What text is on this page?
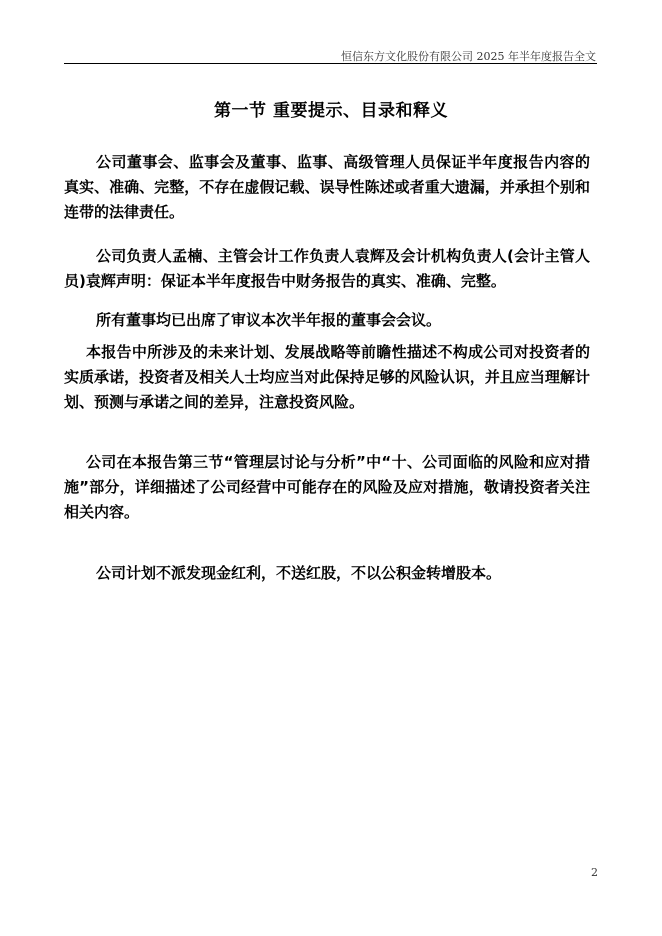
恒信东方文化股份有限公司 2025 年半年度报告全文
第一节 重要提示、目录和释义

公司董事会、监事会及董事、监事、高级管理人员保证半年度报告内容的真实、准确、完整，不存在虚假记载、误导性陈述或者重大遗漏，并承担个别和连带的法律责任。

公司负责人孟楠、主管会计工作负责人袁辉及会计机构负责人(会计主管人员)袁辉声明：保证本半年度报告中财务报告的真实、准确、完整。

所有董事均已出席了审议本次半年报的董事会会议。

本报告中所涉及的未来计划、发展战略等前瞻性描述不构成公司对投资者的实质承诺，投资者及相关人士均应当对此保持足够的风险认识，并且应当理解计划、预测与承诺之间的差异，注意投资风险。

公司在本报告第三节“管理层讨论与分析”中“十、公司面临的风险和应对措施”部分，详细描述了公司经营中可能存在的风险及应对措施，敬请投资者关注相关内容。

公司计划不派发现金红利，不送红股，不以公积金转增股本。

2
